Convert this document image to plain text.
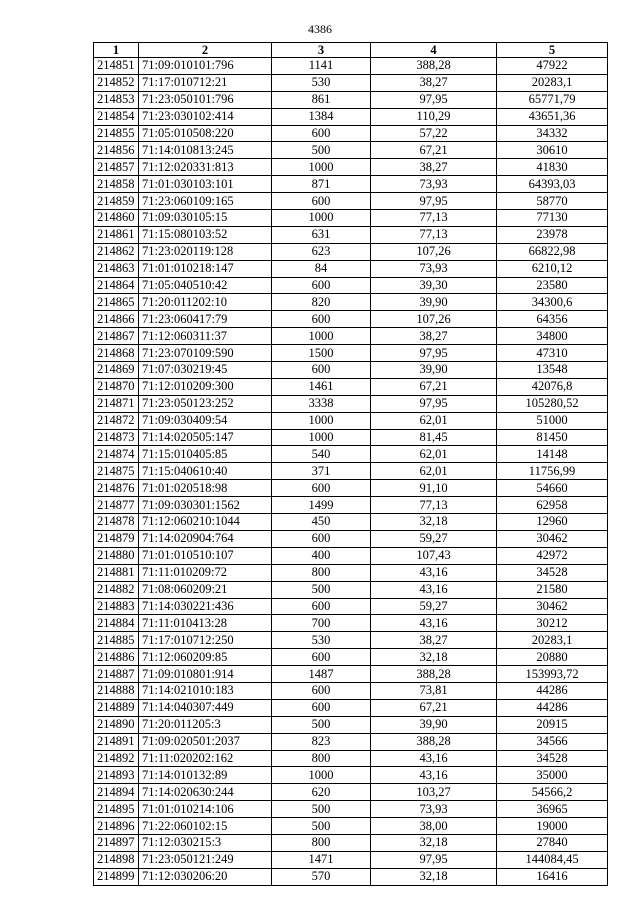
4386
1	2	3	4	5
214851	71:09:010101:796	1141	388,28	47922
214852	71:17:010712:21	530	38,27	20283,1
214853	71:23:050101:796	861	97,95	65771,79
214854	71:23:030102:414	1384	110,29	43651,36
214855	71:05:010508:220	600	57,22	34332
214856	71:14:010813:245	500	67,21	30610
214857	71:12:020331:813	1000	38,27	41830
214858	71:01:030103:101	871	73,93	64393,03
214859	71:23:060109:165	600	97,95	58770
214860	71:09:030105:15	1000	77,13	77130
214861	71:15:080103:52	631	77,13	23978
214862	71:23:020119:128	623	107,26	66822,98
214863	71:01:010218:147	84	73,93	6210,12
214864	71:05:040510:42	600	39,30	23580
214865	71:20:011202:10	820	39,90	34300,6
214866	71:23:060417:79	600	107,26	64356
214867	71:12:060311:37	1000	38,27	34800
214868	71:23:070109:590	1500	97,95	47310
214869	71:07:030219:45	600	39,90	13548
214870	71:12:010209:300	1461	67,21	42076,8
214871	71:23:050123:252	3338	97,95	105280,52
214872	71:09:030409:54	1000	62,01	51000
214873	71:14:020505:147	1000	81,45	81450
214874	71:15:010405:85	540	62,01	14148
214875	71:15:040610:40	371	62,01	11756,99
214876	71:01:020518:98	600	91,10	54660
214877	71:09:030301:1562	1499	77,13	62958
214878	71:12:060210:1044	450	32,18	12960
214879	71:14:020904:764	600	59,27	30462
214880	71:01:010510:107	400	107,43	42972
214881	71:11:010209:72	800	43,16	34528
214882	71:08:060209:21	500	43,16	21580
214883	71:14:030221:436	600	59,27	30462
214884	71:11:010413:28	700	43,16	30212
214885	71:17:010712:250	530	38,27	20283,1
214886	71:12:060209:85	600	32,18	20880
214887	71:09:010801:914	1487	388,28	153993,72
214888	71:14:021010:183	600	73,81	44286
214889	71:14:040307:449	600	67,21	44286
214890	71:20:011205:3	500	39,90	20915
214891	71:09:020501:2037	823	388,28	34566
214892	71:11:020202:162	800	43,16	34528
214893	71:14:010132:89	1000	43,16	35000
214894	71:14:020630:244	620	103,27	54566,2
214895	71:01:010214:106	500	73,93	36965
214896	71:22:060102:15	500	38,00	19000
214897	71:12:030215:3	800	32,18	27840
214898	71:23:050121:249	1471	97,95	144084,45
214899	71:12:030206:20	570	32,18	16416
